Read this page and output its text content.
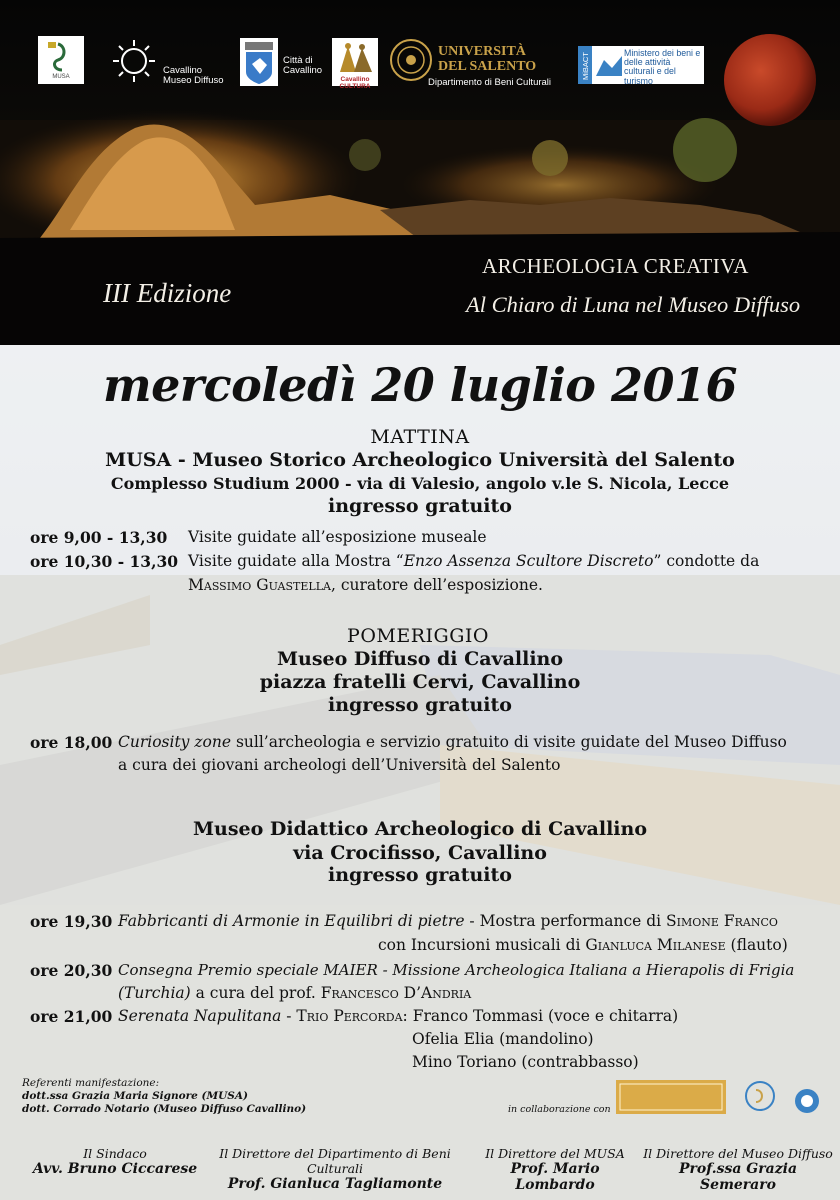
MUSA
Cavallino Museo Diffuso
Città di Cavallino
Cavallino CULTURA
UNIVERSITÀ DEL SALENTO
Dipartimento di Beni Culturali
MiBACT	Ministero dei beni e delle attività culturali e del turismo
III Edizione
ARCHEOLOGIA CREATIVA
Al Chiaro di Luna nel Museo Diffuso
mercoledì 20 luglio 2016
MATTINA
MUSA - Museo Storico Archeologico Università del Salento
Complesso Studium 2000 - via di Valesio, angolo v.le S. Nicola, Lecce
ingresso gratuito
ore 9,00 - 13,30 Visite guidate all’esposizione museale
ore 10,30 - 13,30 Visite guidate alla Mostra “Enzo Assenza Scultore Discreto” condotte da
Massimo Guastella, curatore dell’esposizione.
POMERIGGIO
Museo Diffuso di Cavallino
piazza fratelli Cervi, Cavallino
ingresso gratuito
ore 18,00 Curiosity zone sull’archeologia e servizio gratuito di visite guidate del Museo Diffuso
a cura dei giovani archeologi dell’Università del Salento
Museo Didattico Archeologico di Cavallino
via Crocifisso, Cavallino
ingresso gratuito
ore 19,30 Fabbricanti di Armonie in Equilibri di pietre - Mostra performance di Simone Franco
con Incursioni musicali di Gianluca Milanese (flauto)
ore 20,30 Consegna Premio speciale MAIER - Missione Archeologica Italiana a Hierapolis di Frigia
(Turchia) a cura del prof. Francesco D’Andria
ore 21,00 Serenata Napulitana - Trio Percorda: Franco Tommasi (voce e chitarra)
Ofelia Elia (mandolino)
Mino Toriano (contrabbasso)
Referenti manifestazione:
dott.ssa Grazia Maria Signore (MUSA)
dott. Corrado Notario (Museo Diffuso Cavallino)	in collaborazione con
Il Sindaco
Avv. Bruno Ciccarese
Il Direttore del Dipartimento di Beni Culturali
Prof. Gianluca Tagliamonte
Il Direttore del MUSA
Prof. Mario Lombardo
Il Direttore del Museo Diffuso
Prof.ssa Grazia Semeraro
